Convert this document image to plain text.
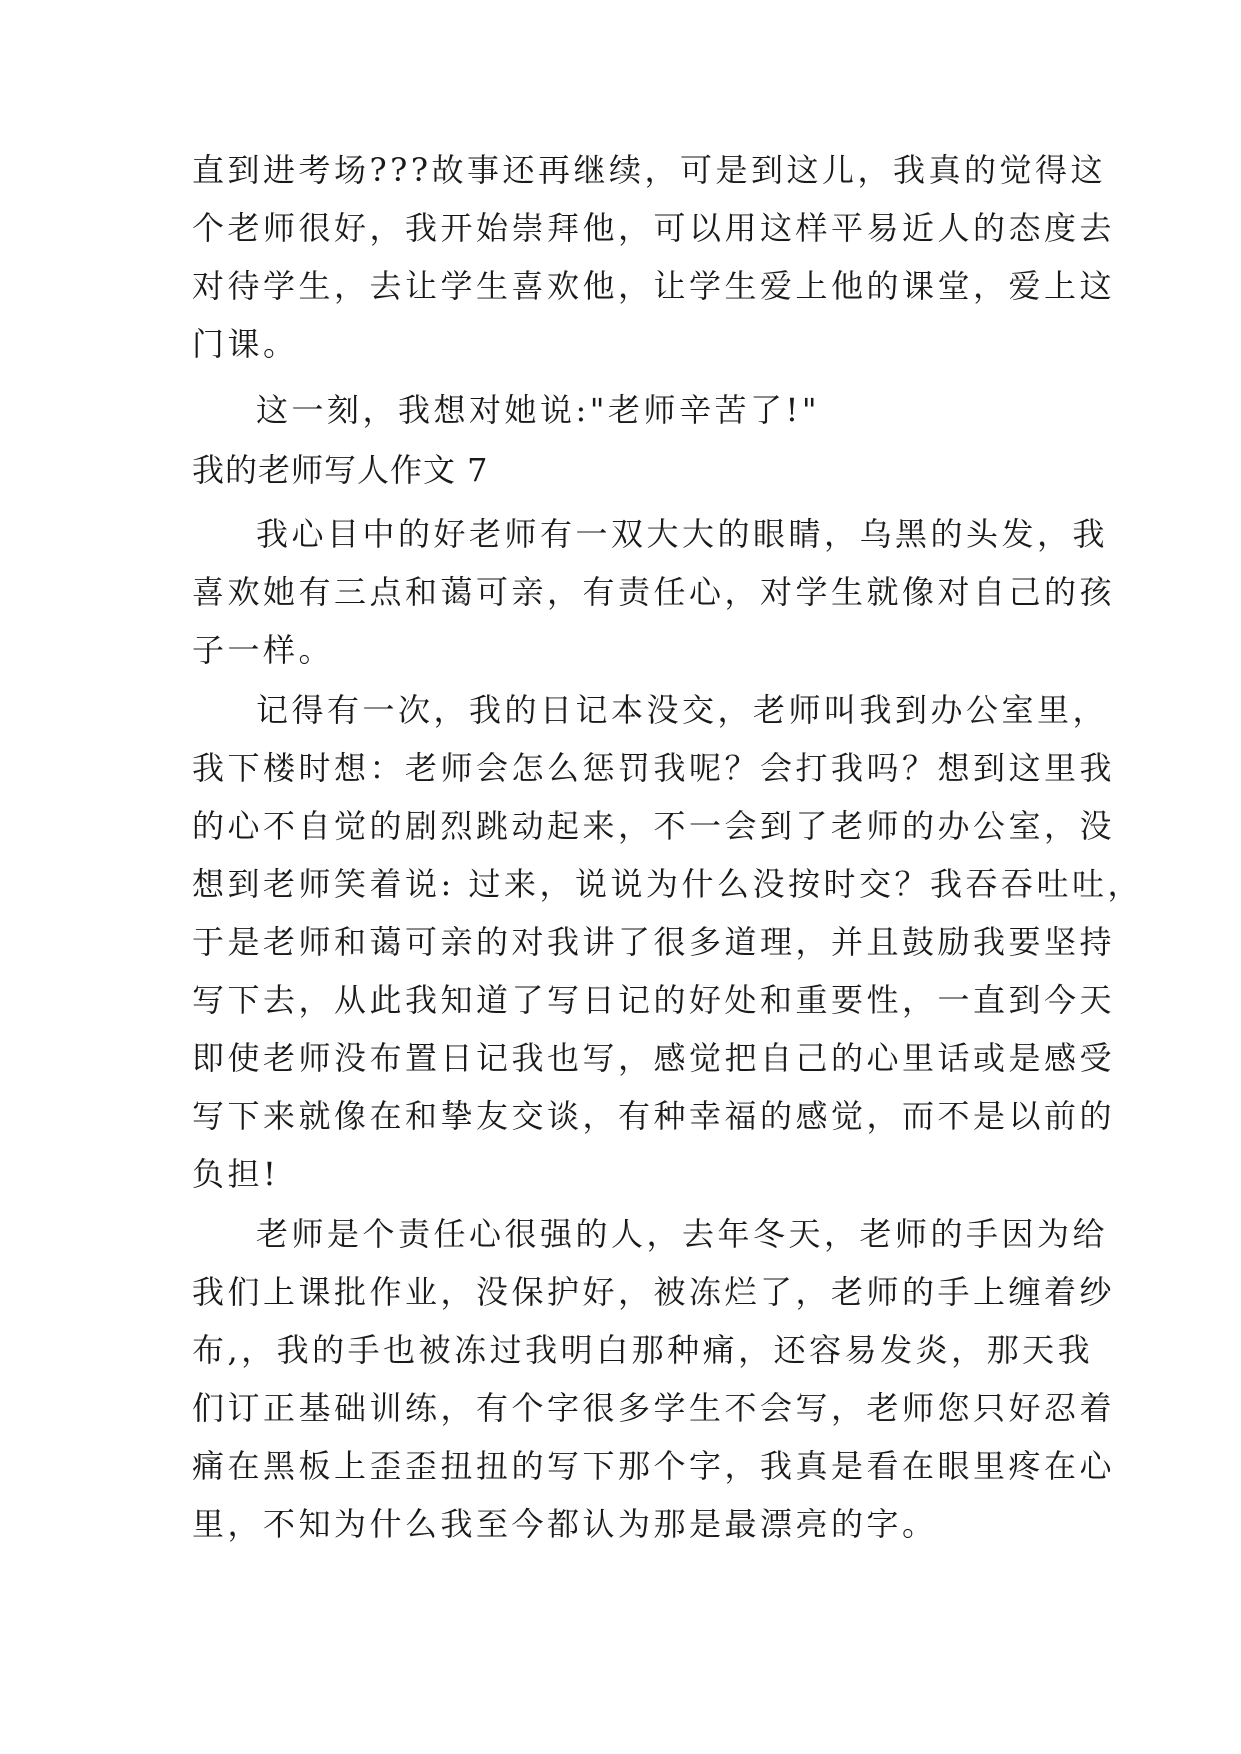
直到进考场???故事还再继续，可是到这儿，我真的觉得这
个老师很好，我开始崇拜他，可以用这样平易近人的态度去
对待学生，去让学生喜欢他，让学生爱上他的课堂，爱上这
门课。
这一刻，我想对她说:"老师辛苦了!"
我的老师写人作文 7
我心目中的好老师有一双大大的眼睛，乌黑的头发，我
喜欢她有三点和蔼可亲，有责任心，对学生就像对自己的孩
子一样。
记得有一次，我的日记本没交，老师叫我到办公室里，
我下楼时想：老师会怎么惩罚我呢？会打我吗？想到这里我
的心不自觉的剧烈跳动起来，不一会到了老师的办公室，没
想到老师笑着说: 过来，说说为什么没按时交？我吞吞吐吐，
于是老师和蔼可亲的对我讲了很多道理，并且鼓励我要坚持
写下去，从此我知道了写日记的好处和重要性，一直到今天
即使老师没布置日记我也写，感觉把自己的心里话或是感受
写下来就像在和挚友交谈，有种幸福的感觉，而不是以前的
负担!
老师是个责任心很强的人，去年冬天，老师的手因为给
我们上课批作业，没保护好，被冻烂了，老师的手上缠着纱
布,，我的手也被冻过我明白那种痛，还容易发炎，那天我
们订正基础训练，有个字很多学生不会写，老师您只好忍着
痛在黑板上歪歪扭扭的写下那个字，我真是看在眼里疼在心
里，不知为什么我至今都认为那是最漂亮的字。
